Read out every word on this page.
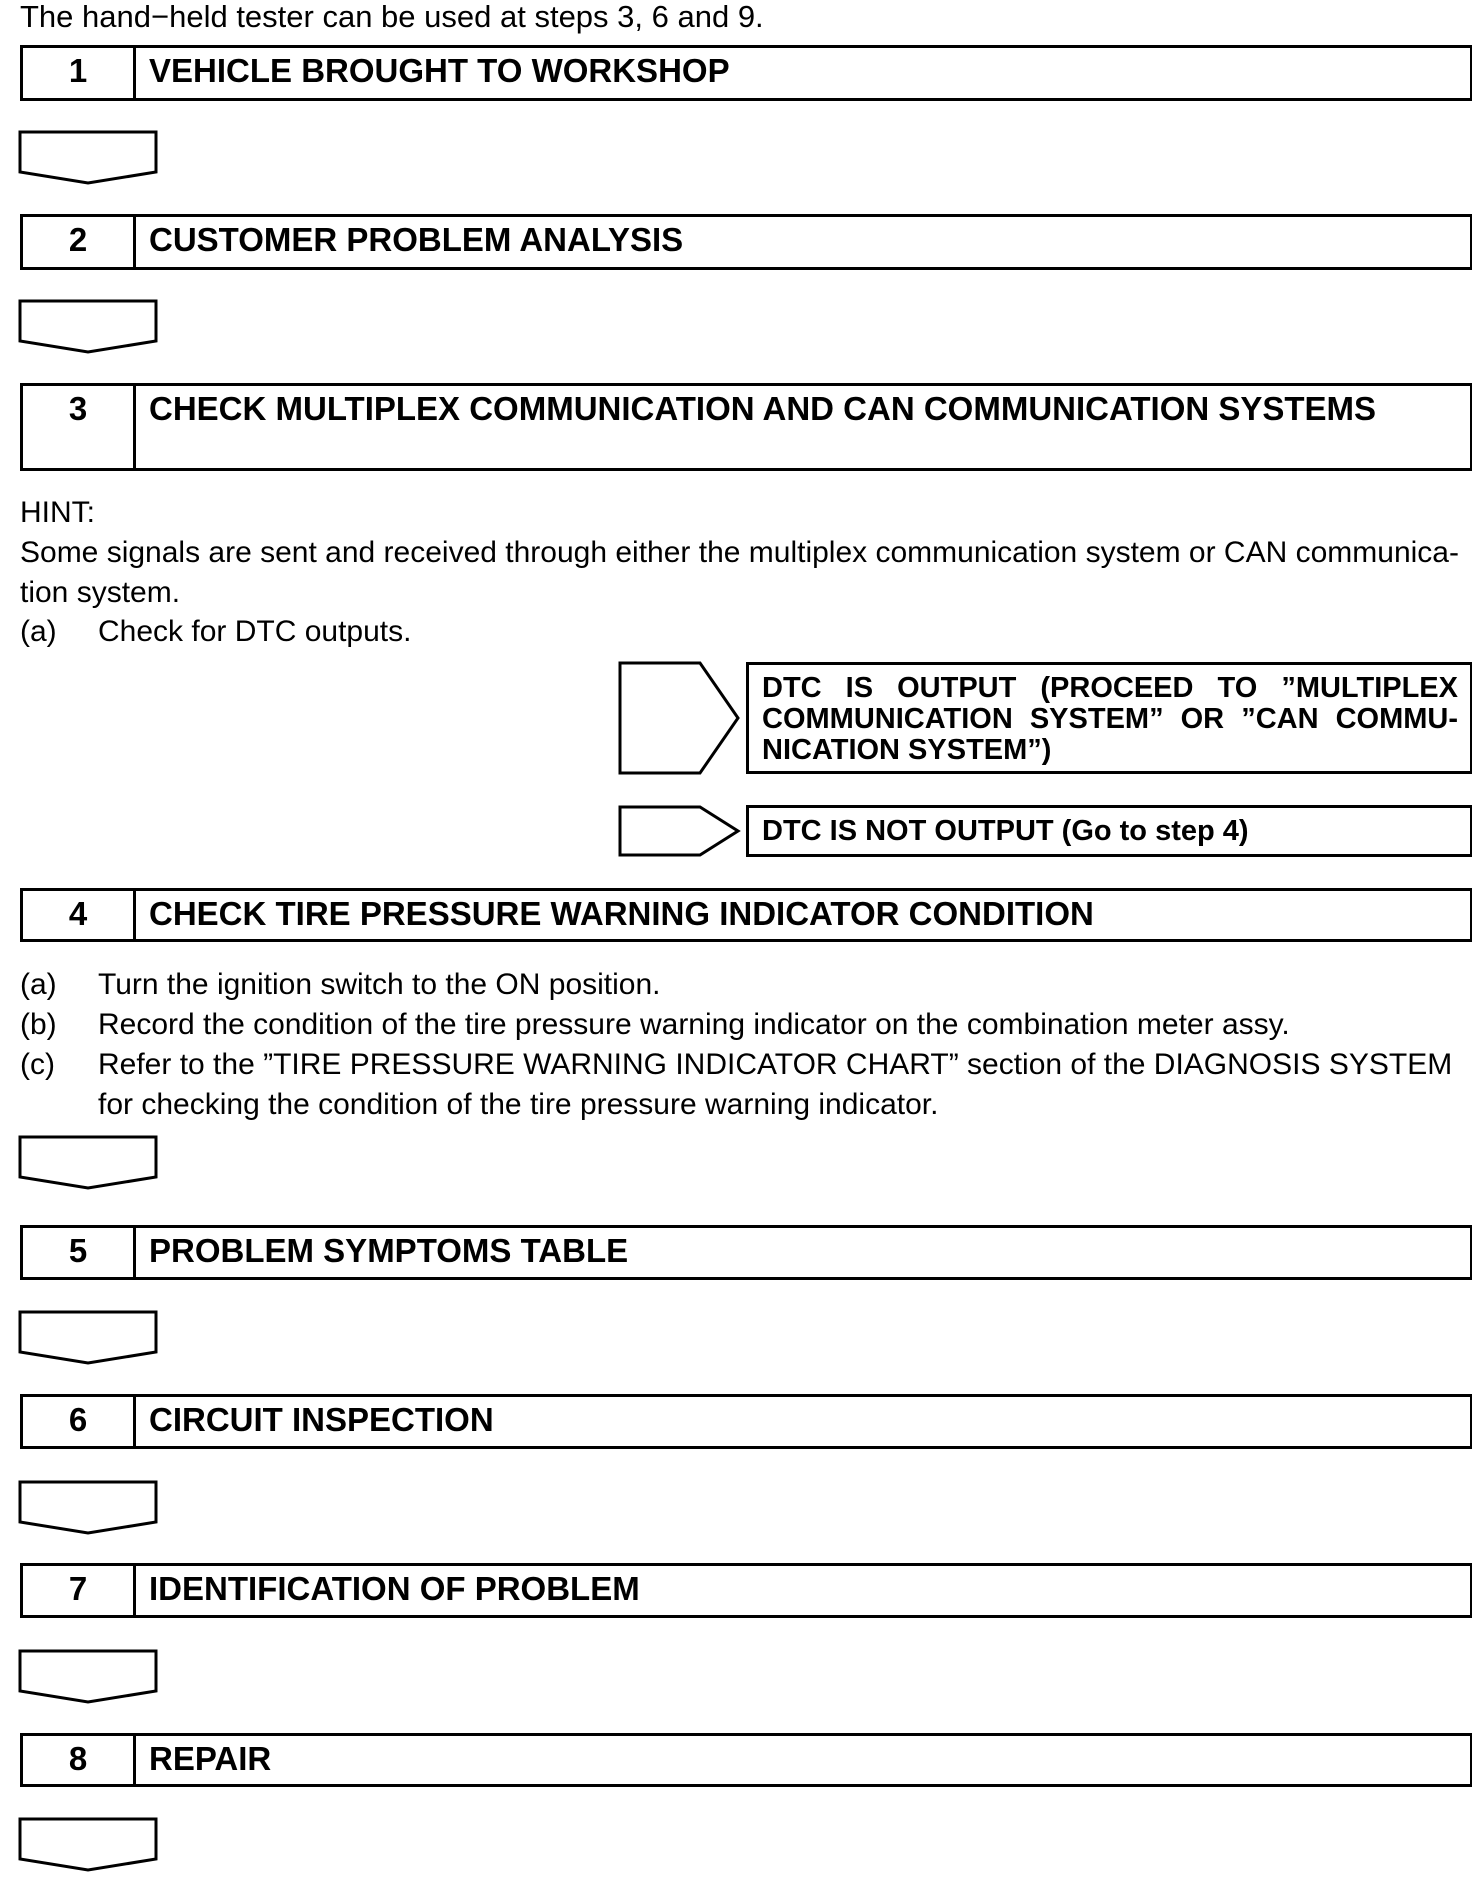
The hand−held tester can be used at steps 3, 6 and 9.
1	VEHICLE BROUGHT TO WORKSHOP
2	CUSTOMER PROBLEM ANALYSIS
3	CHECK MULTIPLEX COMMUNICATION AND CAN COMMUNICATION SYSTEMS
HINT:
Some signals are sent and received through either the multiplex communication system or CAN communica-
tion system.
(a) Check for DTC outputs.
DTC IS OUTPUT (PROCEED TO ”MULTIPLEX
COMMUNICATION SYSTEM” OR ”CAN COMMU-
NICATION SYSTEM”)
DTC IS NOT OUTPUT (Go to step 4)
4	CHECK TIRE PRESSURE WARNING INDICATOR CONDITION
(a) Turn the ignition switch to the ON position.
(b) Record the condition of the tire pressure warning indicator on the combination meter assy.
(c) Refer to the ”TIRE PRESSURE WARNING INDICATOR CHART” section of the DIAGNOSIS SYSTEM
for checking the condition of the tire pressure warning indicator.
5	PROBLEM SYMPTOMS TABLE
6	CIRCUIT INSPECTION
7	IDENTIFICATION OF PROBLEM
8	REPAIR
